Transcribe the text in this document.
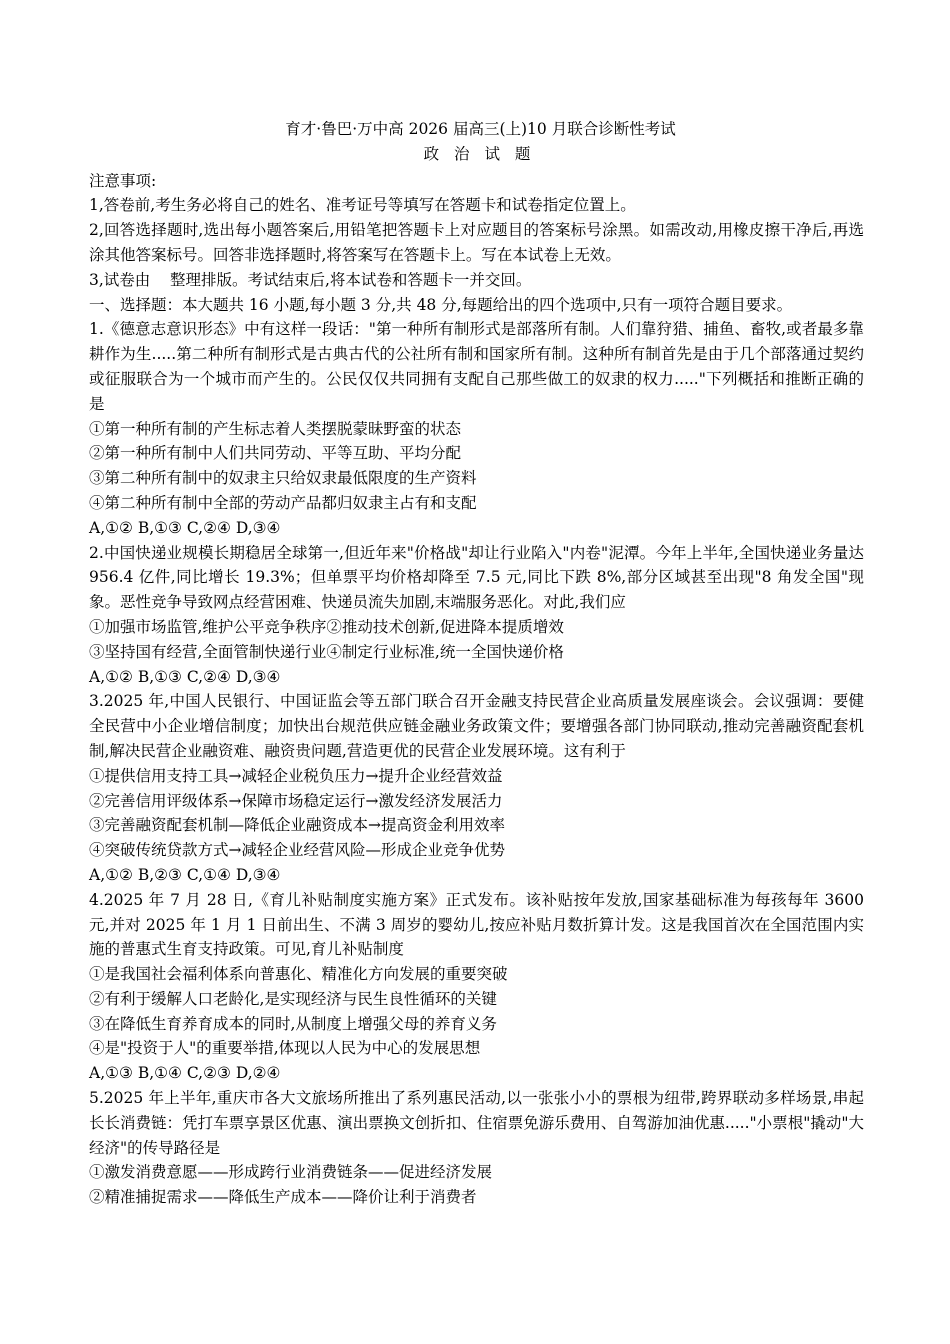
育才·鲁巴·万中高 2026 届高三(上)10 月联合诊断性考试

政 治 试 题

注意事项:

1,答卷前,考生务必将自己的姓名、准考证号等填写在答题卡和试卷指定位置上。

2,回答选择题时,选出每小题答案后,用铅笔把答题卡上对应题目的答案标号涂黑。如需改动,用橡皮擦干净后,再选涂其他答案标号。回答非选择题时,将答案写在答题卡上。写在本试卷上无效。

3,试卷由    整理排版。考试结束后,将本试卷和答题卡一并交回。

一、选择题：本大题共 16 小题,每小题 3 分,共 48 分,每题给出的四个选项中,只有一项符合题目要求。

1.《德意志意识形态》中有这样一段话："第一种所有制形式是部落所有制。人们靠狩猎、捕鱼、畜牧,或者最多靠耕作为生.....第二种所有制形式是古典古代的公社所有制和国家所有制。这种所有制首先是由于几个部落通过契约或征服联合为一个城市而产生的。公民仅仅共同拥有支配自己那些做工的奴隶的权力....."下列概括和推断正确的是

①第一种所有制的产生标志着人类摆脱蒙昧野蛮的状态

②第一种所有制中人们共同劳动、平等互助、平均分配

③第二种所有制中的奴隶主只给奴隶最低限度的生产资料

④第二种所有制中全部的劳动产品都归奴隶主占有和支配

A,①② B,①③ C,②④ D,③④

2.中国快递业规模长期稳居全球第一,但近年来"价格战"却让行业陷入"内卷"泥潭。今年上半年,全国快递业务量达 956.4 亿件,同比增长 19.3%；但单票平均价格却降至 7.5 元,同比下跌 8%,部分区域甚至出现"8 角发全国"现象。恶性竞争导致网点经营困难、快递员流失加剧,末端服务恶化。对此,我们应

①加强市场监管,维护公平竞争秩序②推动技术创新,促进降本提质增效

③坚持国有经营,全面管制快递行业④制定行业标准,统一全国快递价格

A,①② B,①③ C,②④ D,③④

3.2025 年,中国人民银行、中国证监会等五部门联合召开金融支持民营企业高质量发展座谈会。会议强调：要健全民营中小企业增信制度；加快出台规范供应链金融业务政策文件；要增强各部门协同联动,推动完善融资配套机制,解决民营企业融资难、融资贵问题,营造更优的民营企业发展环境。这有利于

①提供信用支持工具→减轻企业税负压力→提升企业经营效益

②完善信用评级体系→保障市场稳定运行→激发经济发展活力

③完善融资配套机制—降低企业融资成本→提高资金利用效率

④突破传统贷款方式→减轻企业经营风险—形成企业竞争优势

A,①② B,②③ C,①④ D,③④

4.2025 年 7 月 28 日,《育儿补贴制度实施方案》正式发布。该补贴按年发放,国家基础标准为每孩每年 3600 元,并对 2025 年 1 月 1 日前出生、不满 3 周岁的婴幼儿,按应补贴月数折算计发。这是我国首次在全国范围内实施的普惠式生育支持政策。可见,育儿补贴制度

①是我国社会福利体系向普惠化、精准化方向发展的重要突破

②有利于缓解人口老龄化,是实现经济与民生良性循环的关键

③在降低生育养育成本的同时,从制度上增强父母的养育义务

④是"投资于人"的重要举措,体现以人民为中心的发展思想

A,①③ B,①④ C,②③ D,②④

5.2025 年上半年,重庆市各大文旅场所推出了系列惠民活动,以一张张小小的票根为纽带,跨界联动多样场景,串起长长消费链：凭打车票享景区优惠、演出票换文创折扣、住宿票免游乐费用、自驾游加油优惠....."小票根"撬动"大经济"的传导路径是

①激发消费意愿——形成跨行业消费链条——促进经济发展

②精准捕捉需求——降低生产成本——降价让利于消费者
